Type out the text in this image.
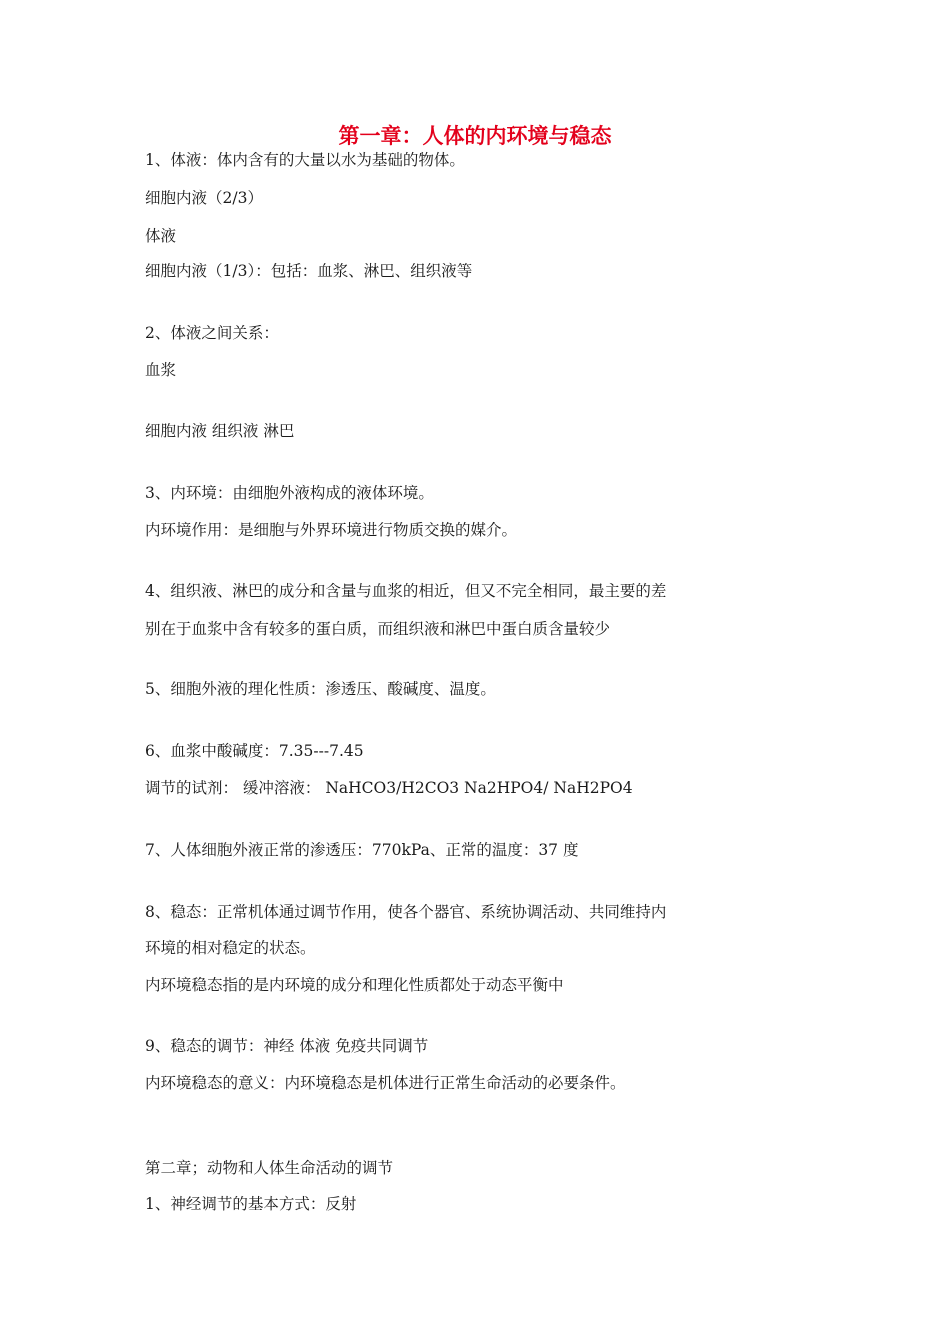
第一章：人体的内环境与稳态
1、体液：体内含有的大量以水为基础的物体。
细胞内液（2/3）
体液
细胞内液（1/3）：包括：血浆、淋巴、组织液等
2、体液之间关系：
血浆
细胞内液 组织液 淋巴
3、内环境：由细胞外液构成的液体环境。
内环境作用：是细胞与外界环境进行物质交换的媒介。
4、组织液、淋巴的成分和含量与血浆的相近，但又不完全相同，最主要的差
别在于血浆中含有较多的蛋白质，而组织液和淋巴中蛋白质含量较少
5、细胞外液的理化性质：渗透压、酸碱度、温度。
6、血浆中酸碱度：7.35---7.45
调节的试剂： 缓冲溶液： NaHCO3/H2CO3 Na2HPO4/ NaH2PO4
7、人体细胞外液正常的渗透压：770kPa、正常的温度：37 度
8、稳态：正常机体通过调节作用，使各个器官、系统协调活动、共同维持内
环境的相对稳定的状态。
内环境稳态指的是内环境的成分和理化性质都处于动态平衡中
9、稳态的调节：神经 体液 免疫共同调节
内环境稳态的意义：内环境稳态是机体进行正常生命活动的必要条件。
第二章；动物和人体生命活动的调节
1、神经调节的基本方式：反射
